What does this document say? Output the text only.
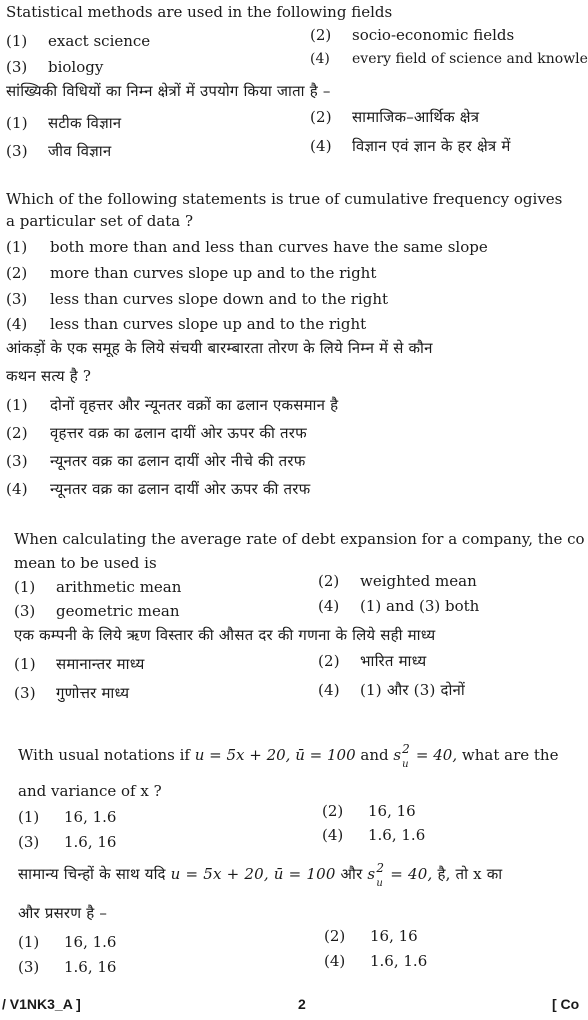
Statistical methods are used in the following fields
(1) exact science	(2) socio-economic fields
(3) biology	(4) every field of science and knowle
सांख्यिकी विधियों का निम्न क्षेत्रों में उपयोग किया जाता है –
(1) सटीक विज्ञान	(2) सामाजिक–आर्थिक क्षेत्र
(3) जीव विज्ञान	(4) विज्ञान एवं ज्ञान के हर क्षेत्र में
Which of the following statements is true of cumulative frequency ogives
a particular set of data ?
(1) both more than and less than curves have the same slope
(2) more than curves slope up and to the right
(3) less than curves slope down and to the right
(4) less than curves slope up and to the right
आंकड़ों के एक समूह के लिये संचयी बारम्बारता तोरण के लिये निम्न में से कौन
कथन सत्य है ?
(1) दोनों वृहत्तर और न्यूनतर वक्रों का ढलान एकसमान है
(2) वृहत्तर वक्र का ढलान दायीं ओर ऊपर की तरफ
(3) न्यूनतर वक्र का ढलान दायीं ओर नीचे की तरफ
(4) न्यूनतर वक्र का ढलान दायीं ओर ऊपर की तरफ
When calculating the average rate of debt expansion for a company, the co
mean to be used is
(1) arithmetic mean	(2) weighted mean
(3) geometric mean	(4) (1) and (3) both
एक कम्पनी के लिये ऋण विस्तार की औसत दर की गणना के लिये सही माध्य
(1) समानान्तर माध्य	(2) भारित माध्य
(3) गुणोत्तर माध्य	(4) (1) और (3) दोनों
With usual notations if u = 5x + 20, ū = 100 and s 2
u
= 40, what are the
and variance of x ?
(1) 16, 1.6	(2) 16, 16
(3) 1.6, 16	(4) 1.6, 1.6
सामान्य चिन्हों के साथ यदि u = 5x + 20, ū = 100 और s 2
u
= 40, है, तो x का
और प्रसरण है –
(1) 16, 1.6	(2) 16, 16
(3) 1.6, 16	(4) 1.6, 1.6
/ V1NK3_A ]	2	[ Co
